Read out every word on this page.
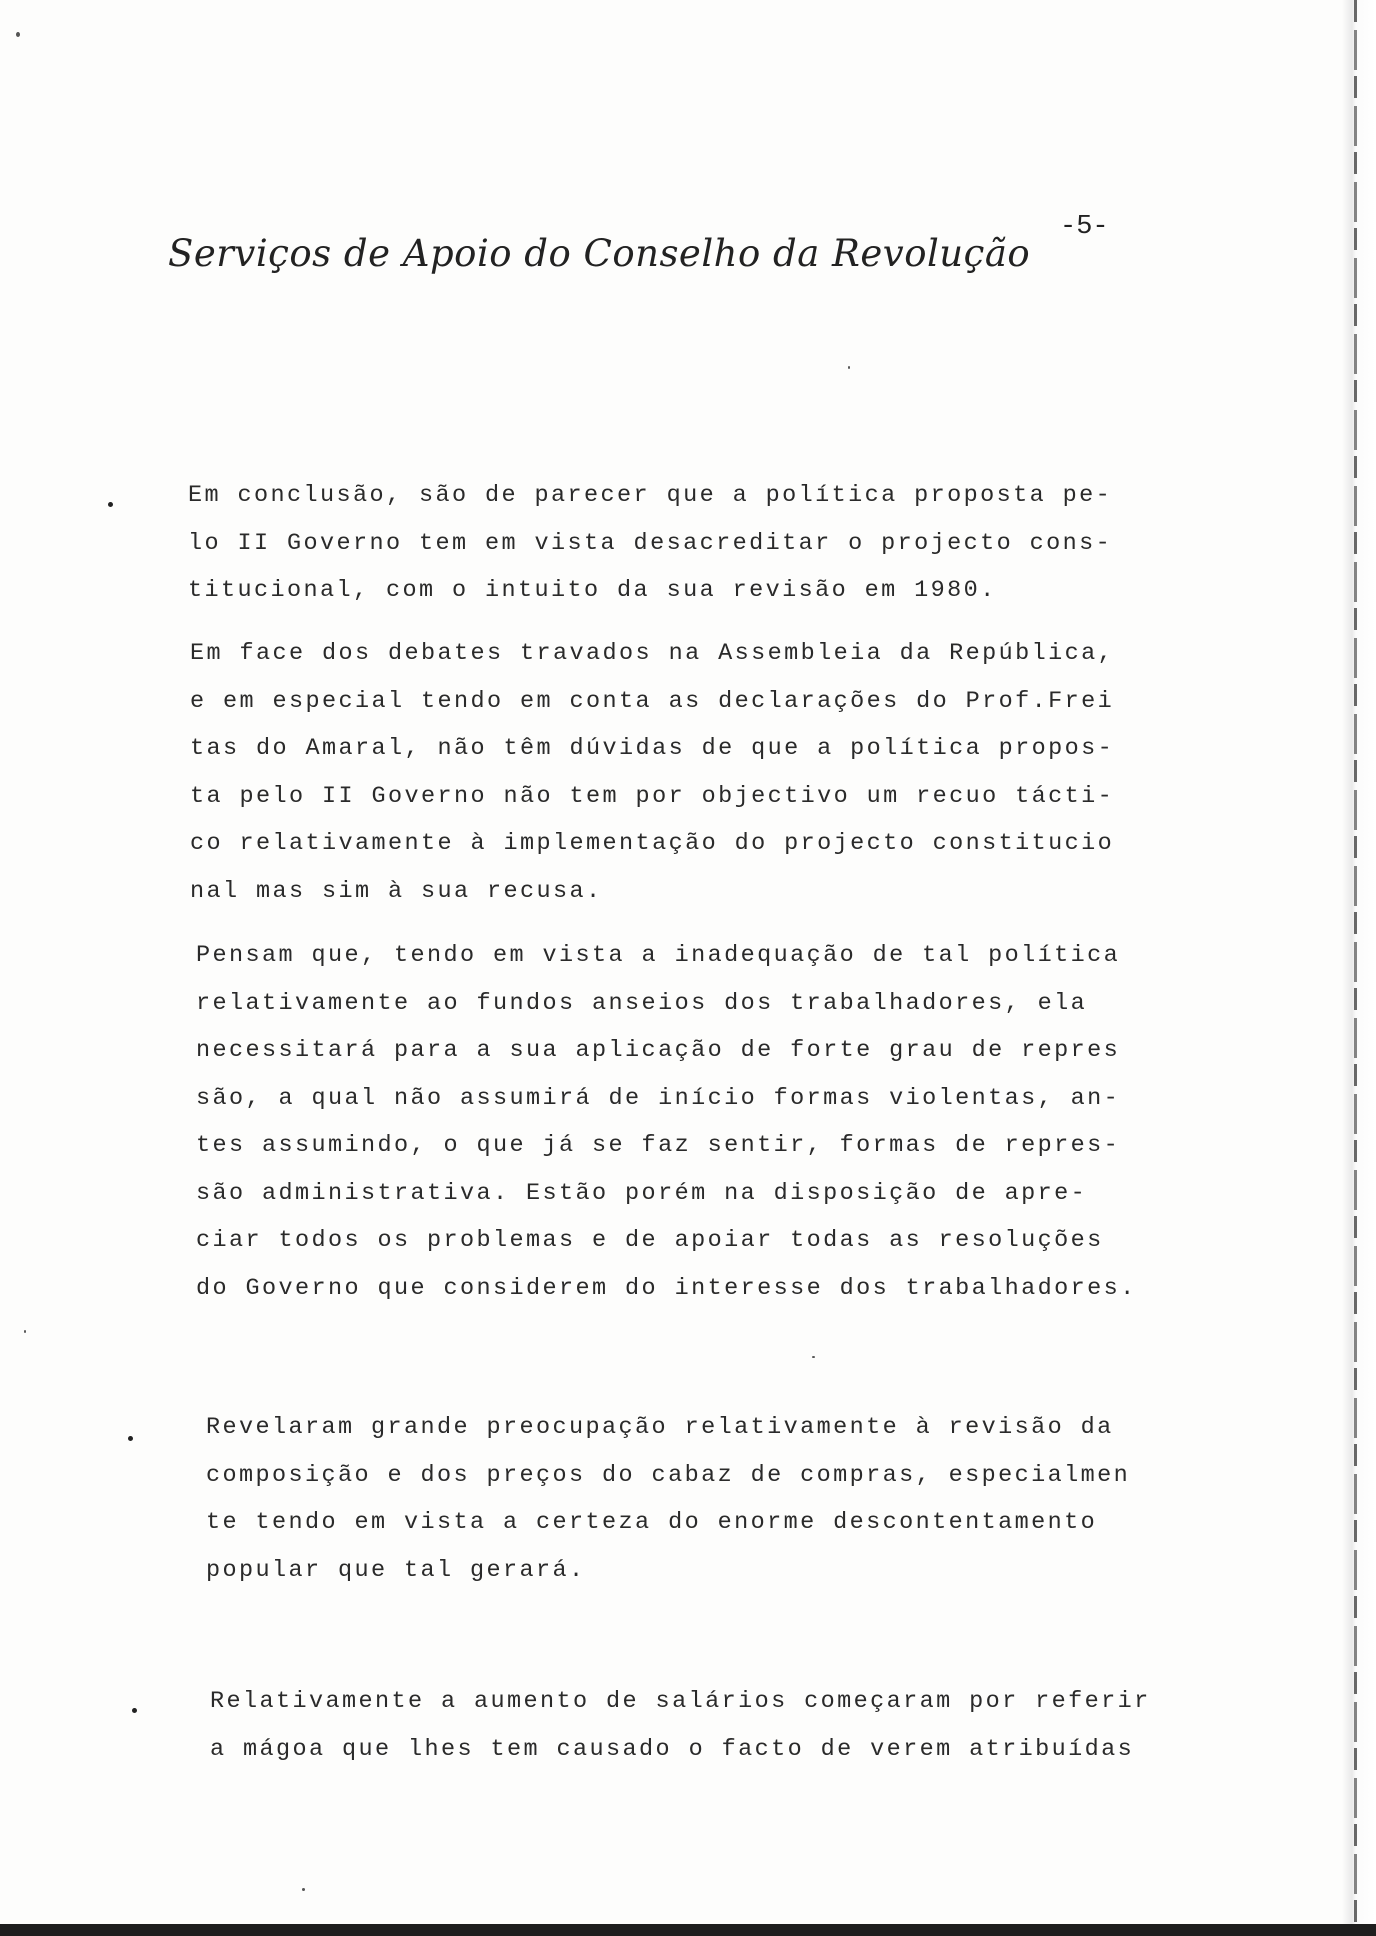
Serviços de Apoio do Conselho da Revolução
-5-
Em conclusão, são de parecer que a política proposta pe-
lo II Governo tem em vista desacreditar o projecto cons-
titucional, com o intuito da sua revisão em 1980.
Em face dos debates travados na Assembleia da República,
e em especial tendo em conta as declarações do Prof.Frei
tas do Amaral, não têm dúvidas de que a política propos-
ta pelo II Governo não tem por objectivo um recuo tácti-
co relativamente à implementação do projecto constitucio
nal mas sim à sua recusa.
Pensam que, tendo em vista a inadequação de tal política
relativamente ao fundos anseios dos trabalhadores, ela
necessitará para a sua aplicação de forte grau de repres
são, a qual não assumirá de início formas violentas, an-
tes assumindo, o que já se faz sentir, formas de repres-
são administrativa. Estão porém na disposição de apre-
ciar todos os problemas e de apoiar todas as resoluções
do Governo que considerem do interesse dos trabalhadores.
Revelaram grande preocupação relativamente à revisão da
composição e dos preços do cabaz de compras, especialmen
te tendo em vista a certeza do enorme descontentamento
popular que tal gerará.
Relativamente a aumento de salários começaram por referir
a mágoa que lhes tem causado o facto de verem atribuídas
